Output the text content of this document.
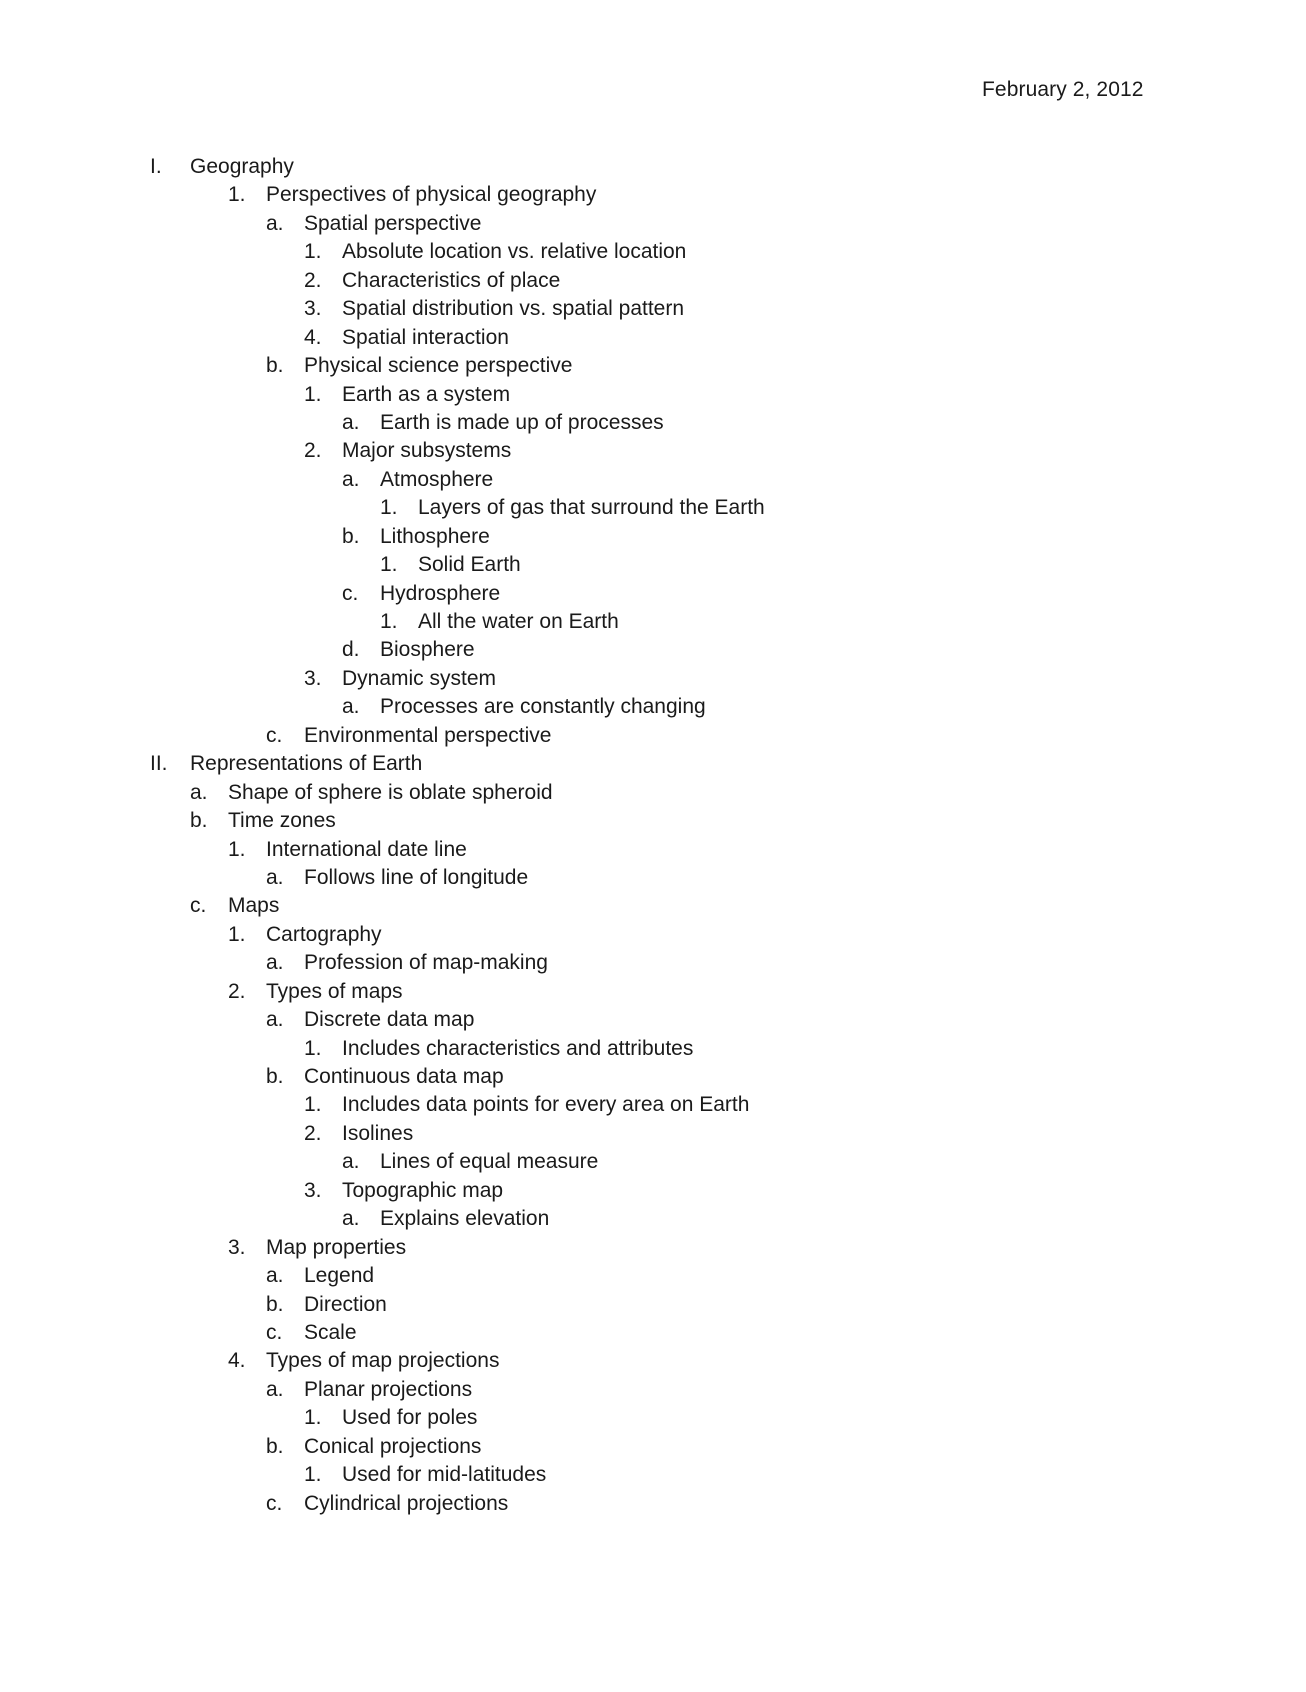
February 2, 2012
I. Geography
1. Perspectives of physical geography
a. Spatial perspective
1. Absolute location vs. relative location
2. Characteristics of place
3. Spatial distribution vs. spatial pattern
4. Spatial interaction
b. Physical science perspective
1. Earth as a system
a. Earth is made up of processes
2. Major subsystems
a. Atmosphere
1. Layers of gas that surround the Earth
b. Lithosphere
1. Solid Earth
c. Hydrosphere
1. All the water on Earth
d. Biosphere
3. Dynamic system
a. Processes are constantly changing
c. Environmental perspective
II. Representations of Earth
a. Shape of sphere is oblate spheroid
b. Time zones
1. International date line
a. Follows line of longitude
c. Maps
1. Cartography
a. Profession of map-making
2. Types of maps
a. Discrete data map
1. Includes characteristics and attributes
b. Continuous data map
1. Includes data points for every area on Earth
2. Isolines
a. Lines of equal measure
3. Topographic map
a. Explains elevation
3. Map properties
a. Legend
b. Direction
c. Scale
4. Types of map projections
a. Planar projections
1. Used for poles
b. Conical projections
1. Used for mid-latitudes
c. Cylindrical projections
